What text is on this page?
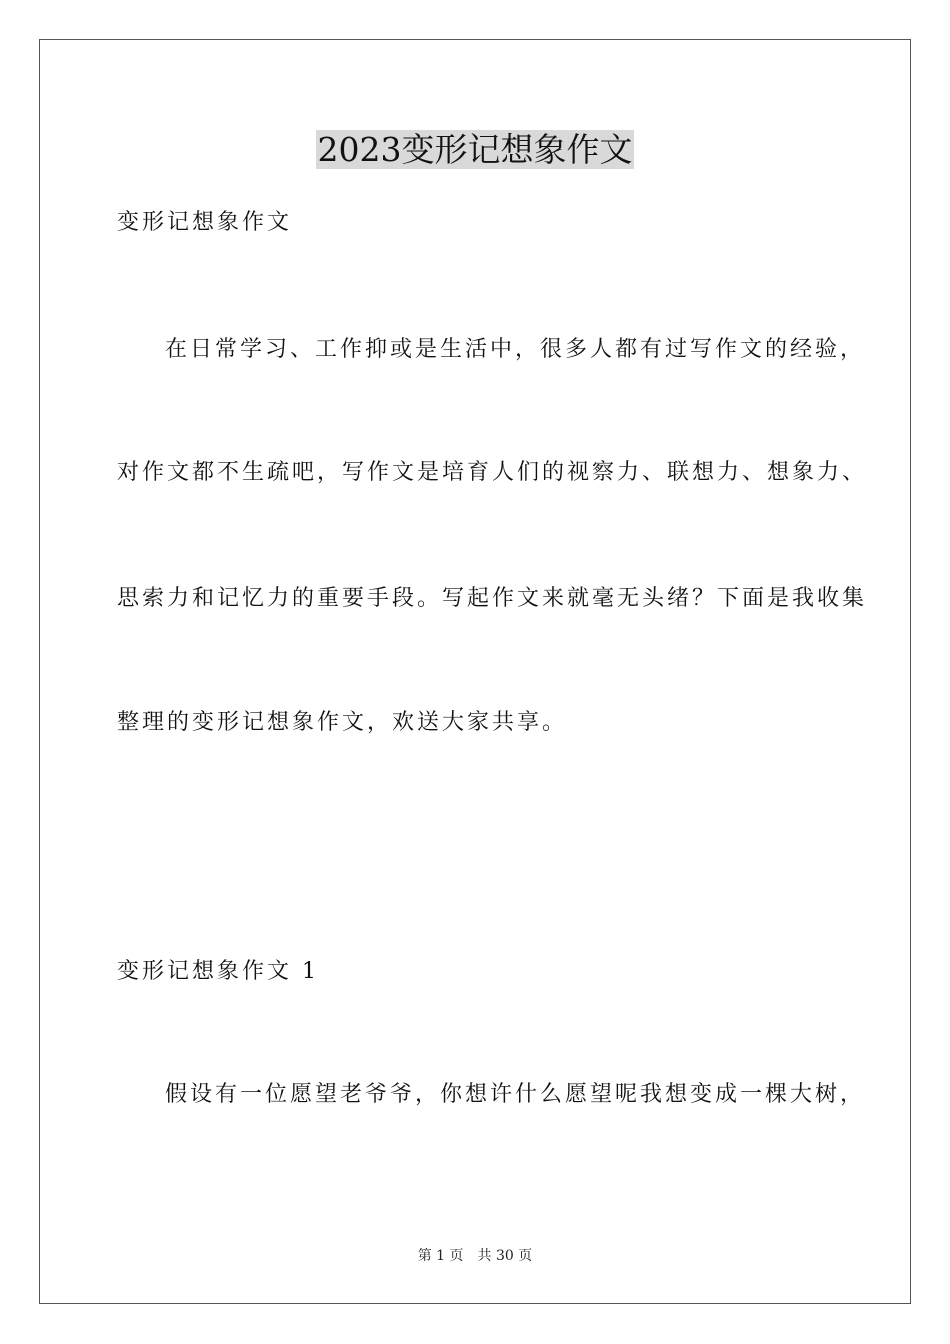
2023变形记想象作文
变形记想象作文
在日常学习、工作抑或是生活中，很多人都有过写作文的经验，
对作文都不生疏吧，写作文是培育人们的视察力、联想力、想象力、
思索力和记忆力的重要手段。写起作文来就毫无头绪？下面是我收集
整理的变形记想象作文，欢送大家共享。
变形记想象作文 1
假设有一位愿望老爷爷，你想许什么愿望呢我想变成一棵大树，
第 1 页　共 30 页
